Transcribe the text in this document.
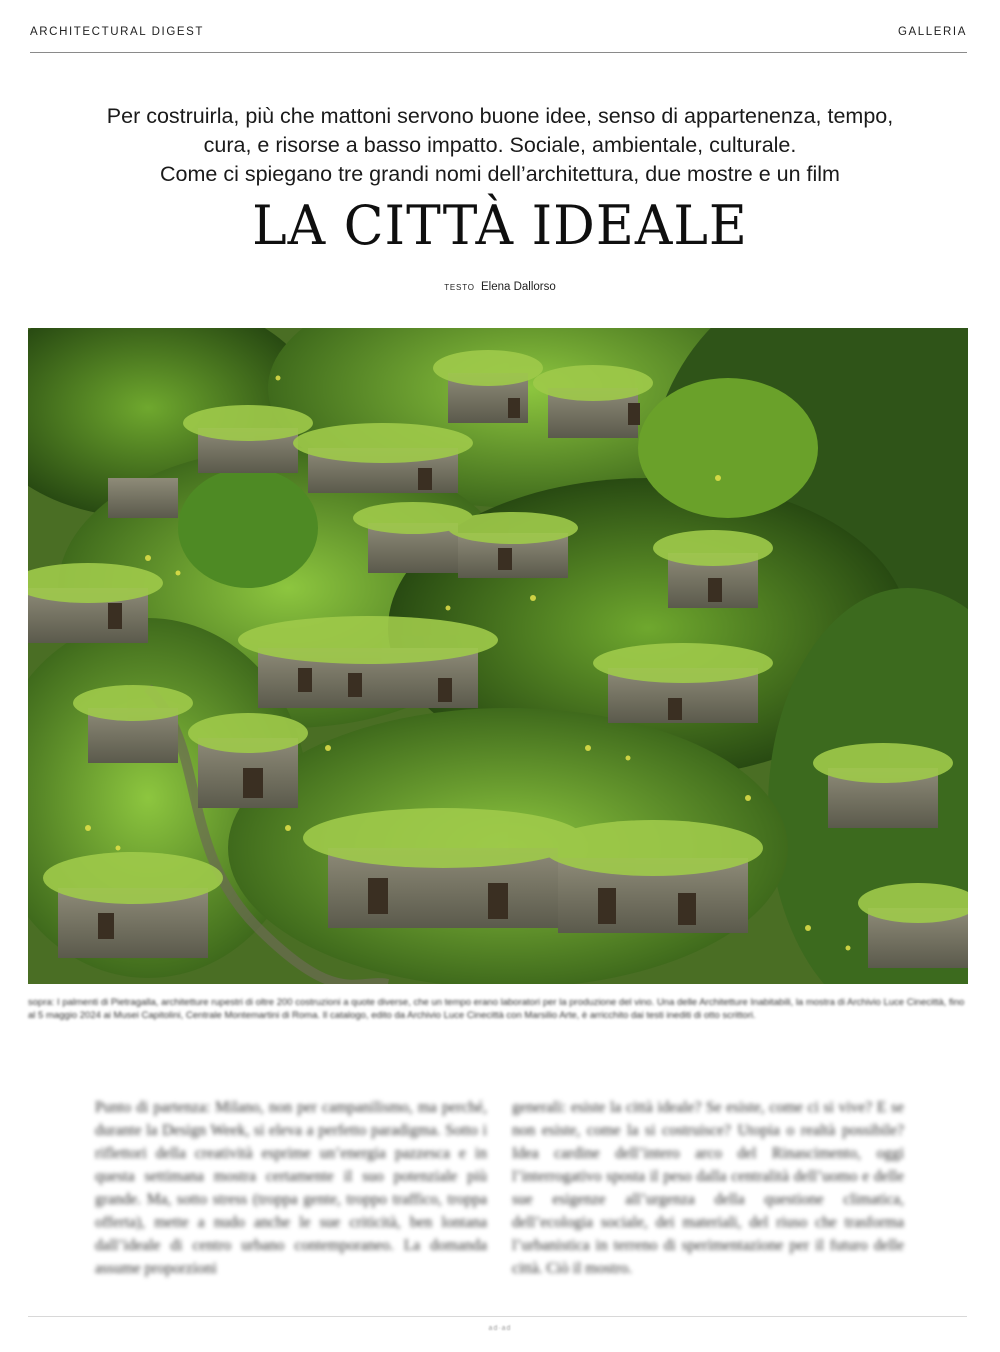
ARCHITECTURAL DIGEST	GALLERIA
Per costruirla, più che mattoni servono buone idee, senso di appartenenza, tempo,
cura, e risorse a basso impatto. Sociale, ambientale, culturale.
Come ci spiegano tre grandi nomi dell’architettura, due mostre e un film
LA CITTÀ IDEALE
TESTO Elena Dallorso

sopra: I palmenti di Pietragalla, architetture rupestri di oltre 200 costruzioni a quote diverse, che un tempo erano laboratori per la produzione del vino. Una delle Architetture Inabitabili, la mostra di Archivio Luce Cinecittà, fino al 5 maggio 2024 ai Musei Capitolini, Centrale Montemartini di Roma. Il catalogo, edito da Archivio Luce Cinecittà con Marsilio Arte, è arricchito dai testi inediti di otto scrittori.

Punto di partenza: Milano, non per campanilismo, ma perché, durante la Design Week, si eleva a perfetto paradigma. Sotto i riflettori della creatività esprime un’energia pazzesca e in questa settimana mostra certamente il suo potenziale più grande. Ma, sotto stress (troppa gente, troppo traffico, troppa offerta), mette a nudo anche le sue criticità, ben lontana dall’ideale di centro urbano contemporaneo. La domanda assume proporzioni

generali: esiste la città ideale? Se esiste, come ci si vive? E se non esiste, come la si costruisce? Utopia o realtà possibile? Idea cardine dell’intero arco del Rinascimento, oggi l’interrogativo sposta il peso dalla centralità dell’uomo e delle sue esigenze all’urgenza della questione climatica, dell’ecologia sociale, dei materiali, del riuso che trasforma l’urbanistica in terreno di sperimentazione per il futuro delle città. Ciò il mostro.

ad·ad
